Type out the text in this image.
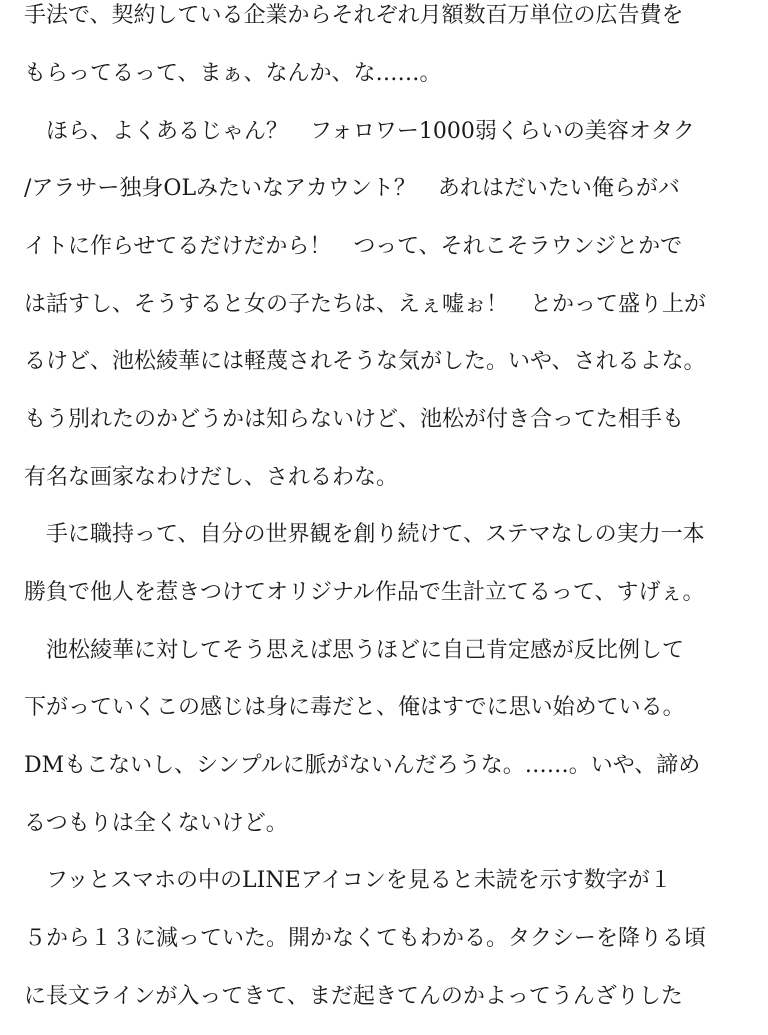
手法で、契約している企業からそれぞれ月額数百万単位の広告費を
もらってるって、まぁ、なんか、な……。
　ほら、よくあるじゃん？　フォロワー1000弱くらいの美容オタク
/アラサー独身OLみたいなアカウント？　あれはだいたい俺らがバ
イトに作らせてるだけだから！　つって、それこそラウンジとかで
は話すし、そうすると女の子たちは、えぇ嘘ぉ！　とかって盛り上が
るけど、池松綾華には軽蔑されそうな気がした。いや、されるよな。
もう別れたのかどうかは知らないけど、池松が付き合ってた相手も
有名な画家なわけだし、されるわな。
　手に職持って、自分の世界観を創り続けて、ステマなしの実力一本
勝負で他人を惹きつけてオリジナル作品で生計立てるって、すげぇ。
　池松綾華に対してそう思えば思うほどに自己肯定感が反比例して
下がっていくこの感じは身に毒だと、俺はすでに思い始めている。
DMもこないし、シンプルに脈がないんだろうな。……。いや、諦め
るつもりは全くないけど。
　フッとスマホの中のLINEアイコンを見ると未読を示す数字が１
５から１３に減っていた。開かなくてもわかる。タクシーを降りる頃
に長文ラインが入ってきて、まだ起きてんのかよってうんざりした
